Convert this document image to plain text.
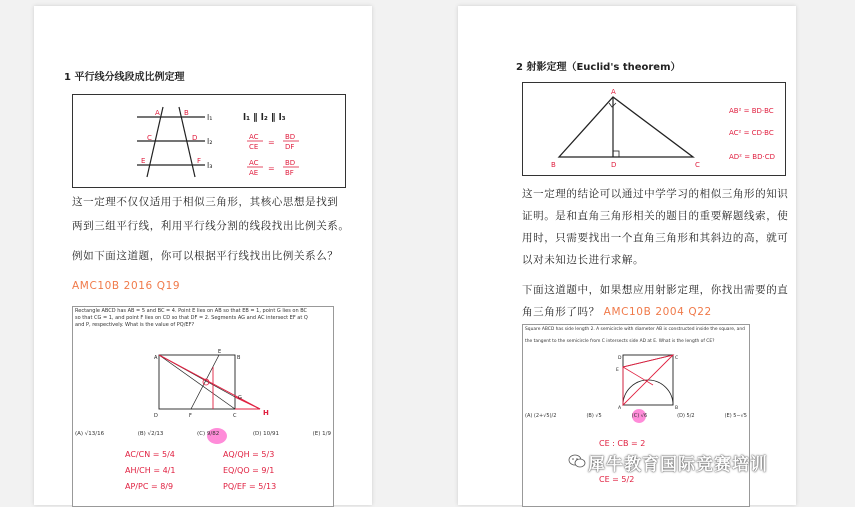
1 平行线分线段成比例定理
A	B
C	D
E	F
l₁
l₂
l₃
l₁ ∥ l₂ ∥ l₃
AC
CE =
BD
DF
AC
AE =
BD
BF
这一定理不仅仅适用于相似三角形，其核心思想是找到
两到三组平行线，利用平行线分割的线段找出比例关系。
例如下面这道题，你可以根据平行线找出比例关系么？
AMC10B 2016 Q19
Rectangle ABCD has AB = 5 and BC = 4. Point E lies on AB so that EB = 1, point G lies on BC
so that CG = 1, and point F lies on CD so that DF = 2. Segments AG and AC intersect EF at Q
and P, respectively. What is the value of PQ/EF?
A	B
D	C	H
E
F
G
(A) √13/16	(B) √2/13	(C) 9/82	(D) 10/91	(E) 1/9
AC/CN = 5/4
AH/CH = 4/1
AP/PC = 8/9
AQ/QH = 5/3
EQ/QO = 9/1
PQ/EF = 5/13
2 射影定理（Euclid's theorem）
A
B	C
D
AB² = BD·BC
AC² = CD·BC
AD² = BD·CD
这一定理的结论可以通过中学学习的相似三角形的知识
证明。是和直角三角形相关的题目的重要解题线索，使
用时，只需要找出一个直角三角形和其斜边的高，就可
以对未知边长进行求解。
下面这道题中，如果想应用射影定理，你找出需要的直
角三角形了吗？ AMC10B 2004 Q22
Square ABCD has side length 2. A semicircle with diameter AB is constructed inside the square, and
the tangent to the semicircle from C intersects side AD at E. What is the length of CE?
D	C
A	B
E
(A) (2+√5)/2	(B) √5	(C) √6	(D) 5/2	(E) 5−√5
CE : CB = 2
CE = 5/2
犀牛教育国际竞赛培训
